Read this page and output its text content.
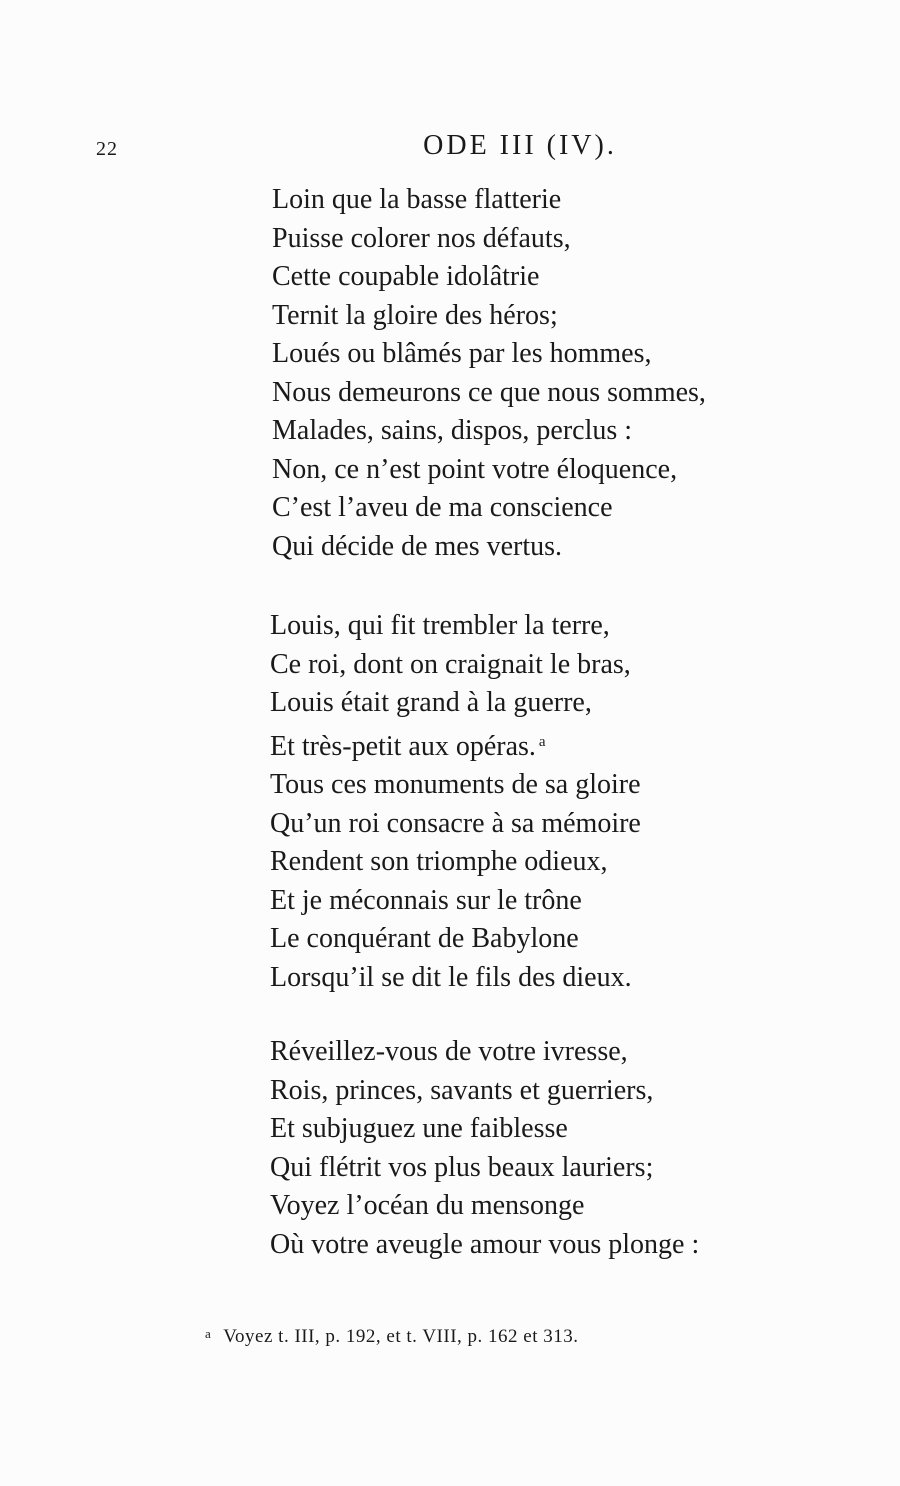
22	ODE III (IV).
Loin que la basse flatterie
Puisse colorer nos défauts,
Cette coupable idolâtrie
Ternit la gloire des héros;
Loués ou blâmés par les hommes,
Nous demeurons ce que nous sommes,
Malades, sains, dispos, perclus :
Non, ce n’est point votre éloquence,
C’est l’aveu de ma conscience
Qui décide de mes vertus.
Louis, qui fit trembler la terre,
Ce roi, dont on craignait le bras,
Louis était grand à la guerre,
Et très-petit aux opéras. $^a$
Tous ces monuments de sa gloire
Qu’un roi consacre à sa mémoire
Rendent son triomphe odieux,
Et je méconnais sur le trône
Le conquérant de Babylone
Lorsqu’il se dit le fils des dieux.
Réveillez-vous de votre ivresse,
Rois, princes, savants et guerriers,
Et subjuguez une faiblesse
Qui flétrit vos plus beaux lauriers;
Voyez l’océan du mensonge
Où votre aveugle amour vous plonge :
$^a$ Voyez t. III, p. 192, et t. VIII, p. 162 et 313.
